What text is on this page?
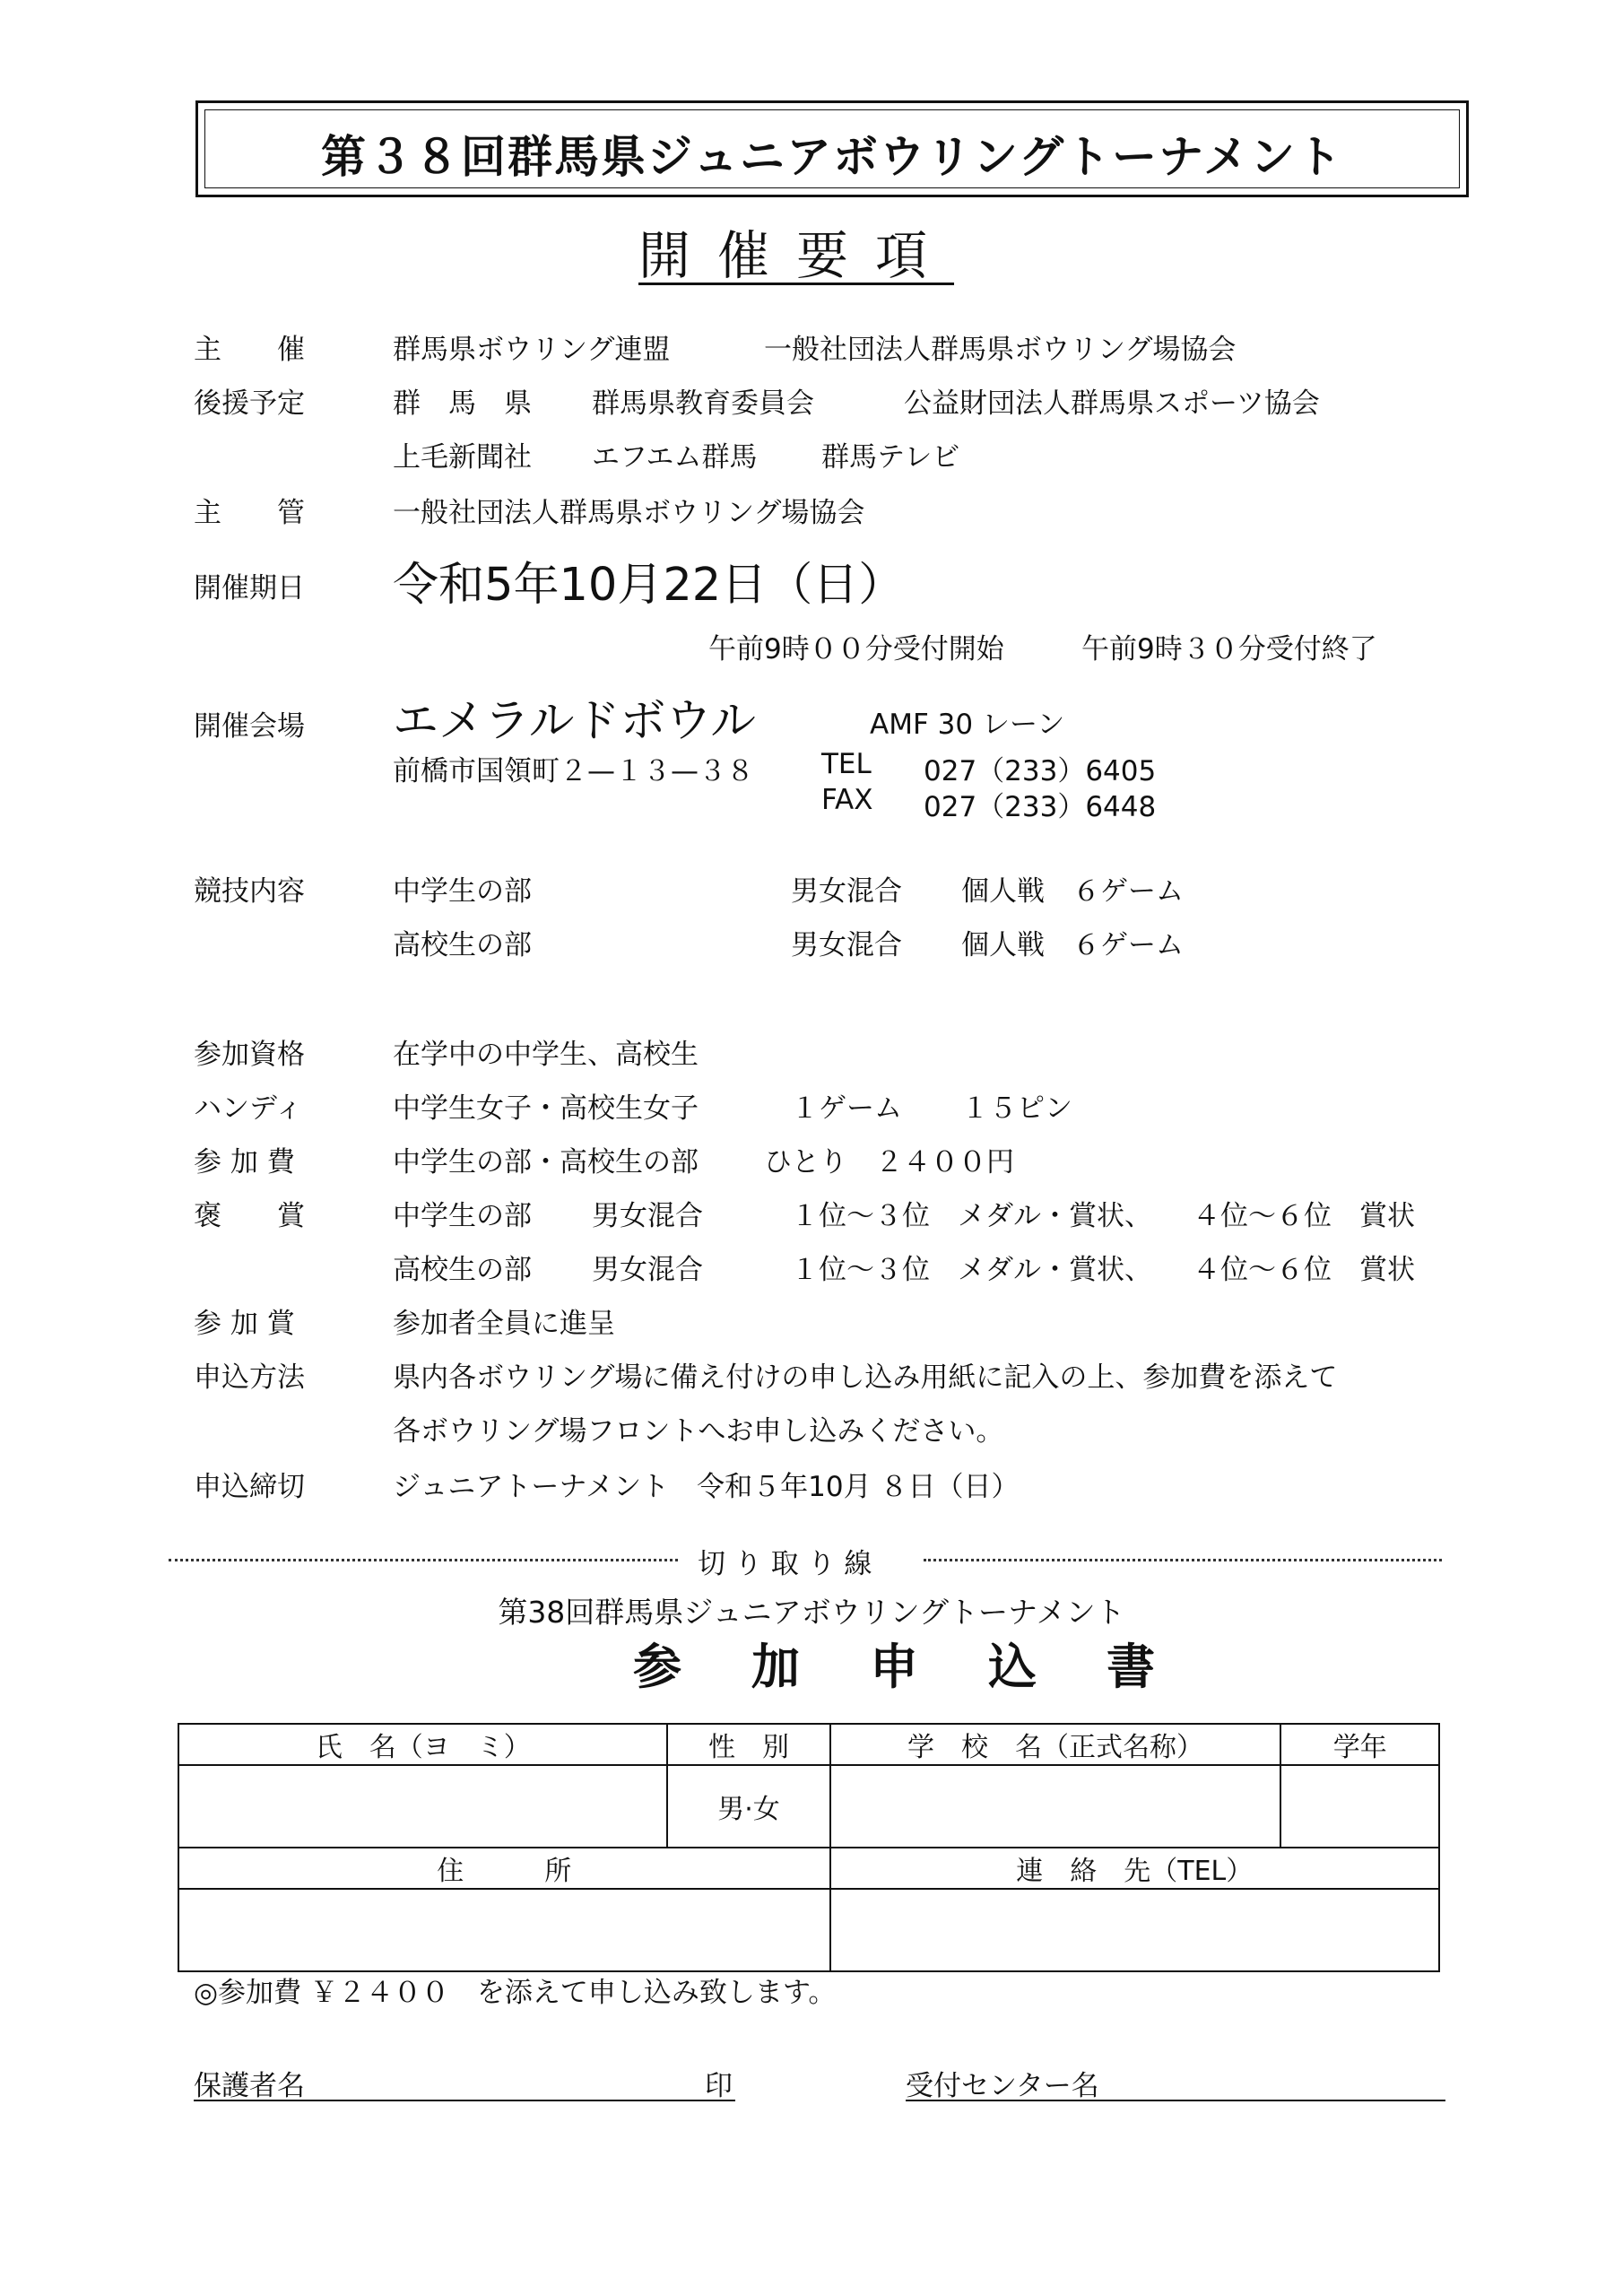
第３８回群馬県ジュニアボウリングトーナメント
開催要項
主　　催	群馬県ボウリング連盟	一般社団法人群馬県ボウリング場協会
後援予定	群　馬　県 群馬県教育委員会	公益財団法人群馬県スポーツ協会
上毛新聞社 エフエム群馬 群馬テレビ
主　　管	一般社団法人群馬県ボウリング場協会
開催期日 令和5年10月22日（日）
午前9時００分受付開始	午前9時３０分受付終了
開催会場 エメラルドボウル	AMF 30 レーン
前橋市国領町２—１３—３８ TEL 027（233）6405
FAX 027（233）6448
競技内容	中学生の部	男女混合 個人戦　６ゲーム
高校生の部	男女混合 個人戦　６ゲーム
参加資格	在学中の中学生、高校生
ハンディ	中学生女子・高校生女子	１ゲーム １５ピン
参 加 費	中学生の部・高校生の部 ひとり　２４００円
褒　　賞	中学生の部 男女混合	１位～３位　メダル・賞状、 ４位～６位　賞状
高校生の部 男女混合	１位～３位　メダル・賞状、 ４位～６位　賞状
参 加 賞	参加者全員に進呈
申込方法	県内各ボウリング場に備え付けの申し込み用紙に記入の上、参加費を添えて
各ボウリング場フロントへお申し込みください。
申込締切	ジュニアトーナメント　令和５年10月 ８日（日）
切 り 取 り 線
第38回群馬県ジュニアボウリングトーナメント
参　加　申　込　書
氏　名（ヨ　ミ）	性　別	学　校　名（正式名称）	学年
	男·女		
住　　　所		連　絡　先（TEL）	

◎参加費 ￥２４００　を添えて申し込み致します。
保護者名	印	受付センター名
